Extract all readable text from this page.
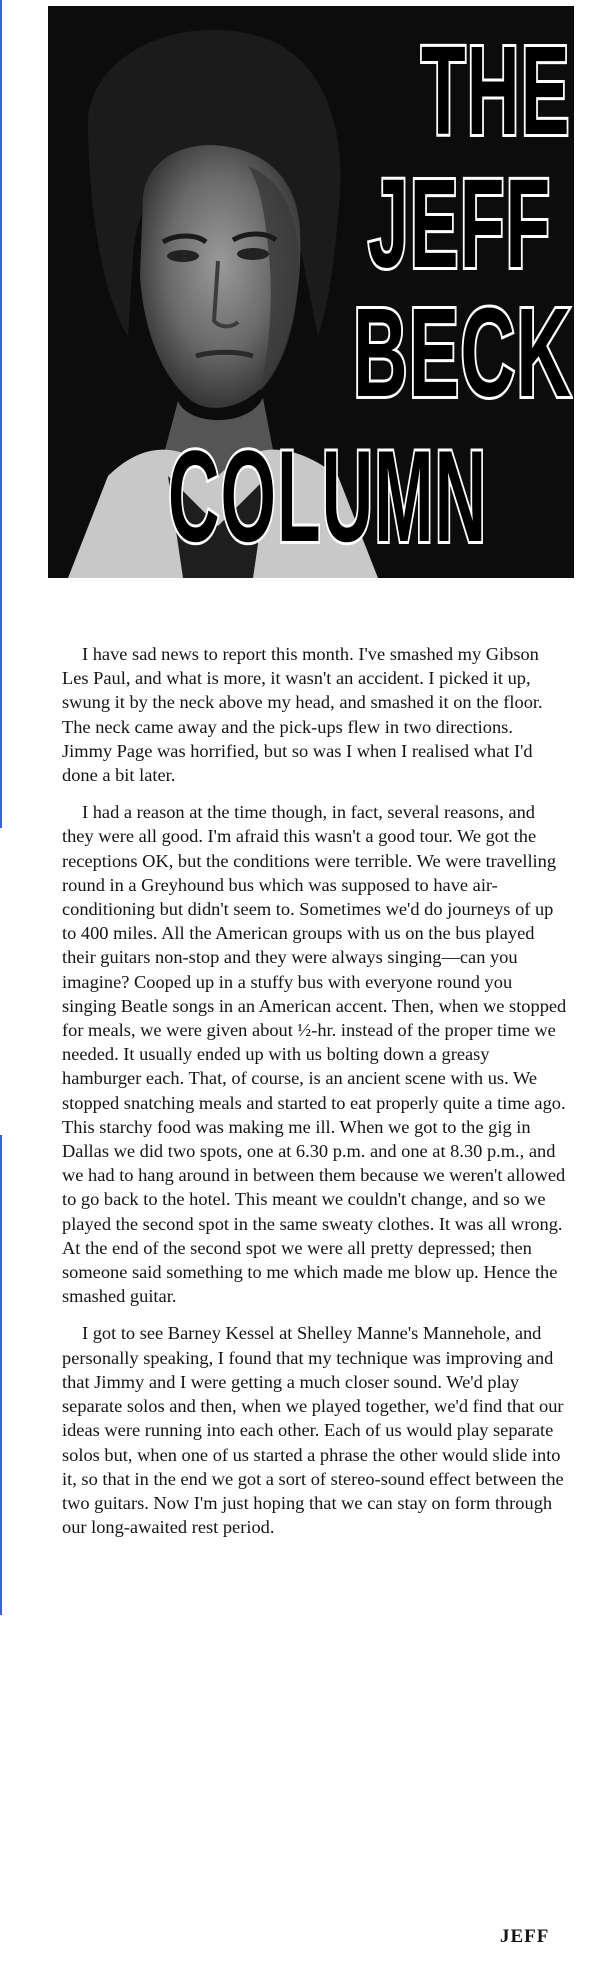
THE
JEFF
BECK
COLUMN

I have sad news to report this month. I've smashed my Gibson Les Paul, and what is more, it wasn't an accident. I picked it up, swung it by the neck above my head, and smashed it on the floor. The neck came away and the pick-ups flew in two directions. Jimmy Page was horrified, but so was I when I realised what I'd done a bit later.

I had a reason at the time though, in fact, several reasons, and they were all good. I'm afraid this wasn't a good tour. We got the receptions OK, but the conditions were terrible. We were travelling round in a Greyhound bus which was supposed to have air-conditioning but didn't seem to. Sometimes we'd do journeys of up to 400 miles. All the American groups with us on the bus played their guitars non-stop and they were always singing—can you imagine? Cooped up in a stuffy bus with everyone round you singing Beatle songs in an American accent. Then, when we stopped for meals, we were given about ½-hr. instead of the proper time we needed. It usually ended up with us bolting down a greasy hamburger each. That, of course, is an ancient scene with us. We stopped snatching meals and started to eat properly quite a time ago. This starchy food was making me ill. When we got to the gig in Dallas we did two spots, one at 6.30 p.m. and one at 8.30 p.m., and we had to hang around in between them because we weren't allowed to go back to the hotel. This meant we couldn't change, and so we played the second spot in the same sweaty clothes. It was all wrong. At the end of the second spot we were all pretty depressed; then someone said something to me which made me blow up. Hence the smashed guitar.

I got to see Barney Kessel at Shelley Manne's Mannehole, and personally speaking, I found that my technique was improving and that Jimmy and I were getting a much closer sound. We'd play separate solos and then, when we played together, we'd find that our ideas were running into each other. Each of us would play separate solos but, when one of us started a phrase the other would slide into it, so that in the end we got a sort of stereo-sound effect between the two guitars. Now I'm just hoping that we can stay on form through our long-awaited rest period.

JEFF
